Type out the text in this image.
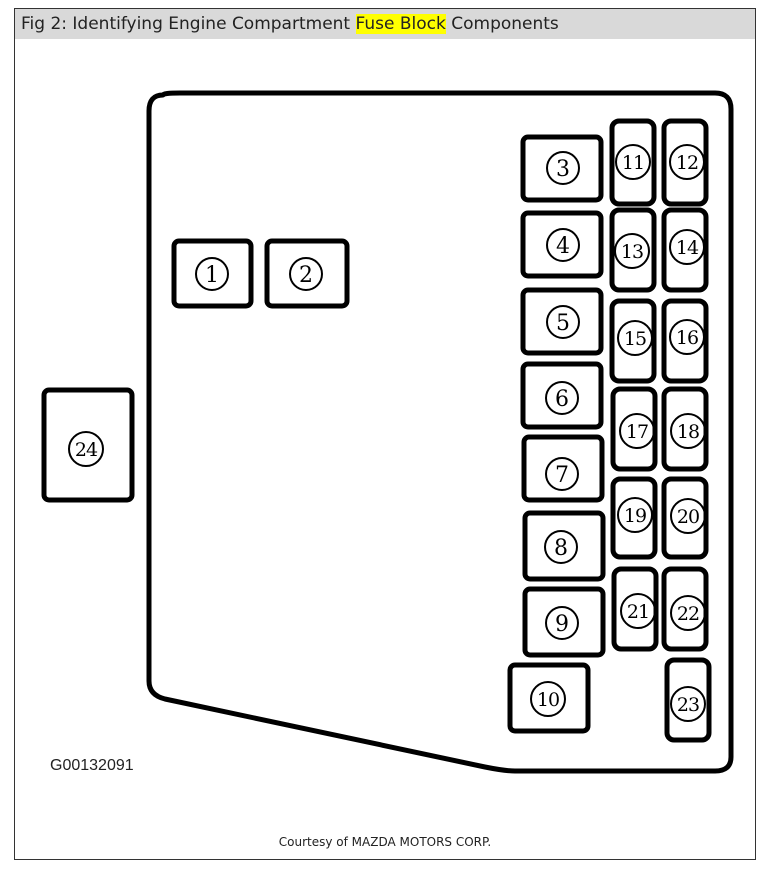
Fig 2: Identifying Engine Compartment Fuse Block Components
1	2
3
4
5
6
7
8
9
10
24
11 12
13 14
15 16
17 18
19 20
21 22
23
G00132091
Courtesy of MAZDA MOTORS CORP.
